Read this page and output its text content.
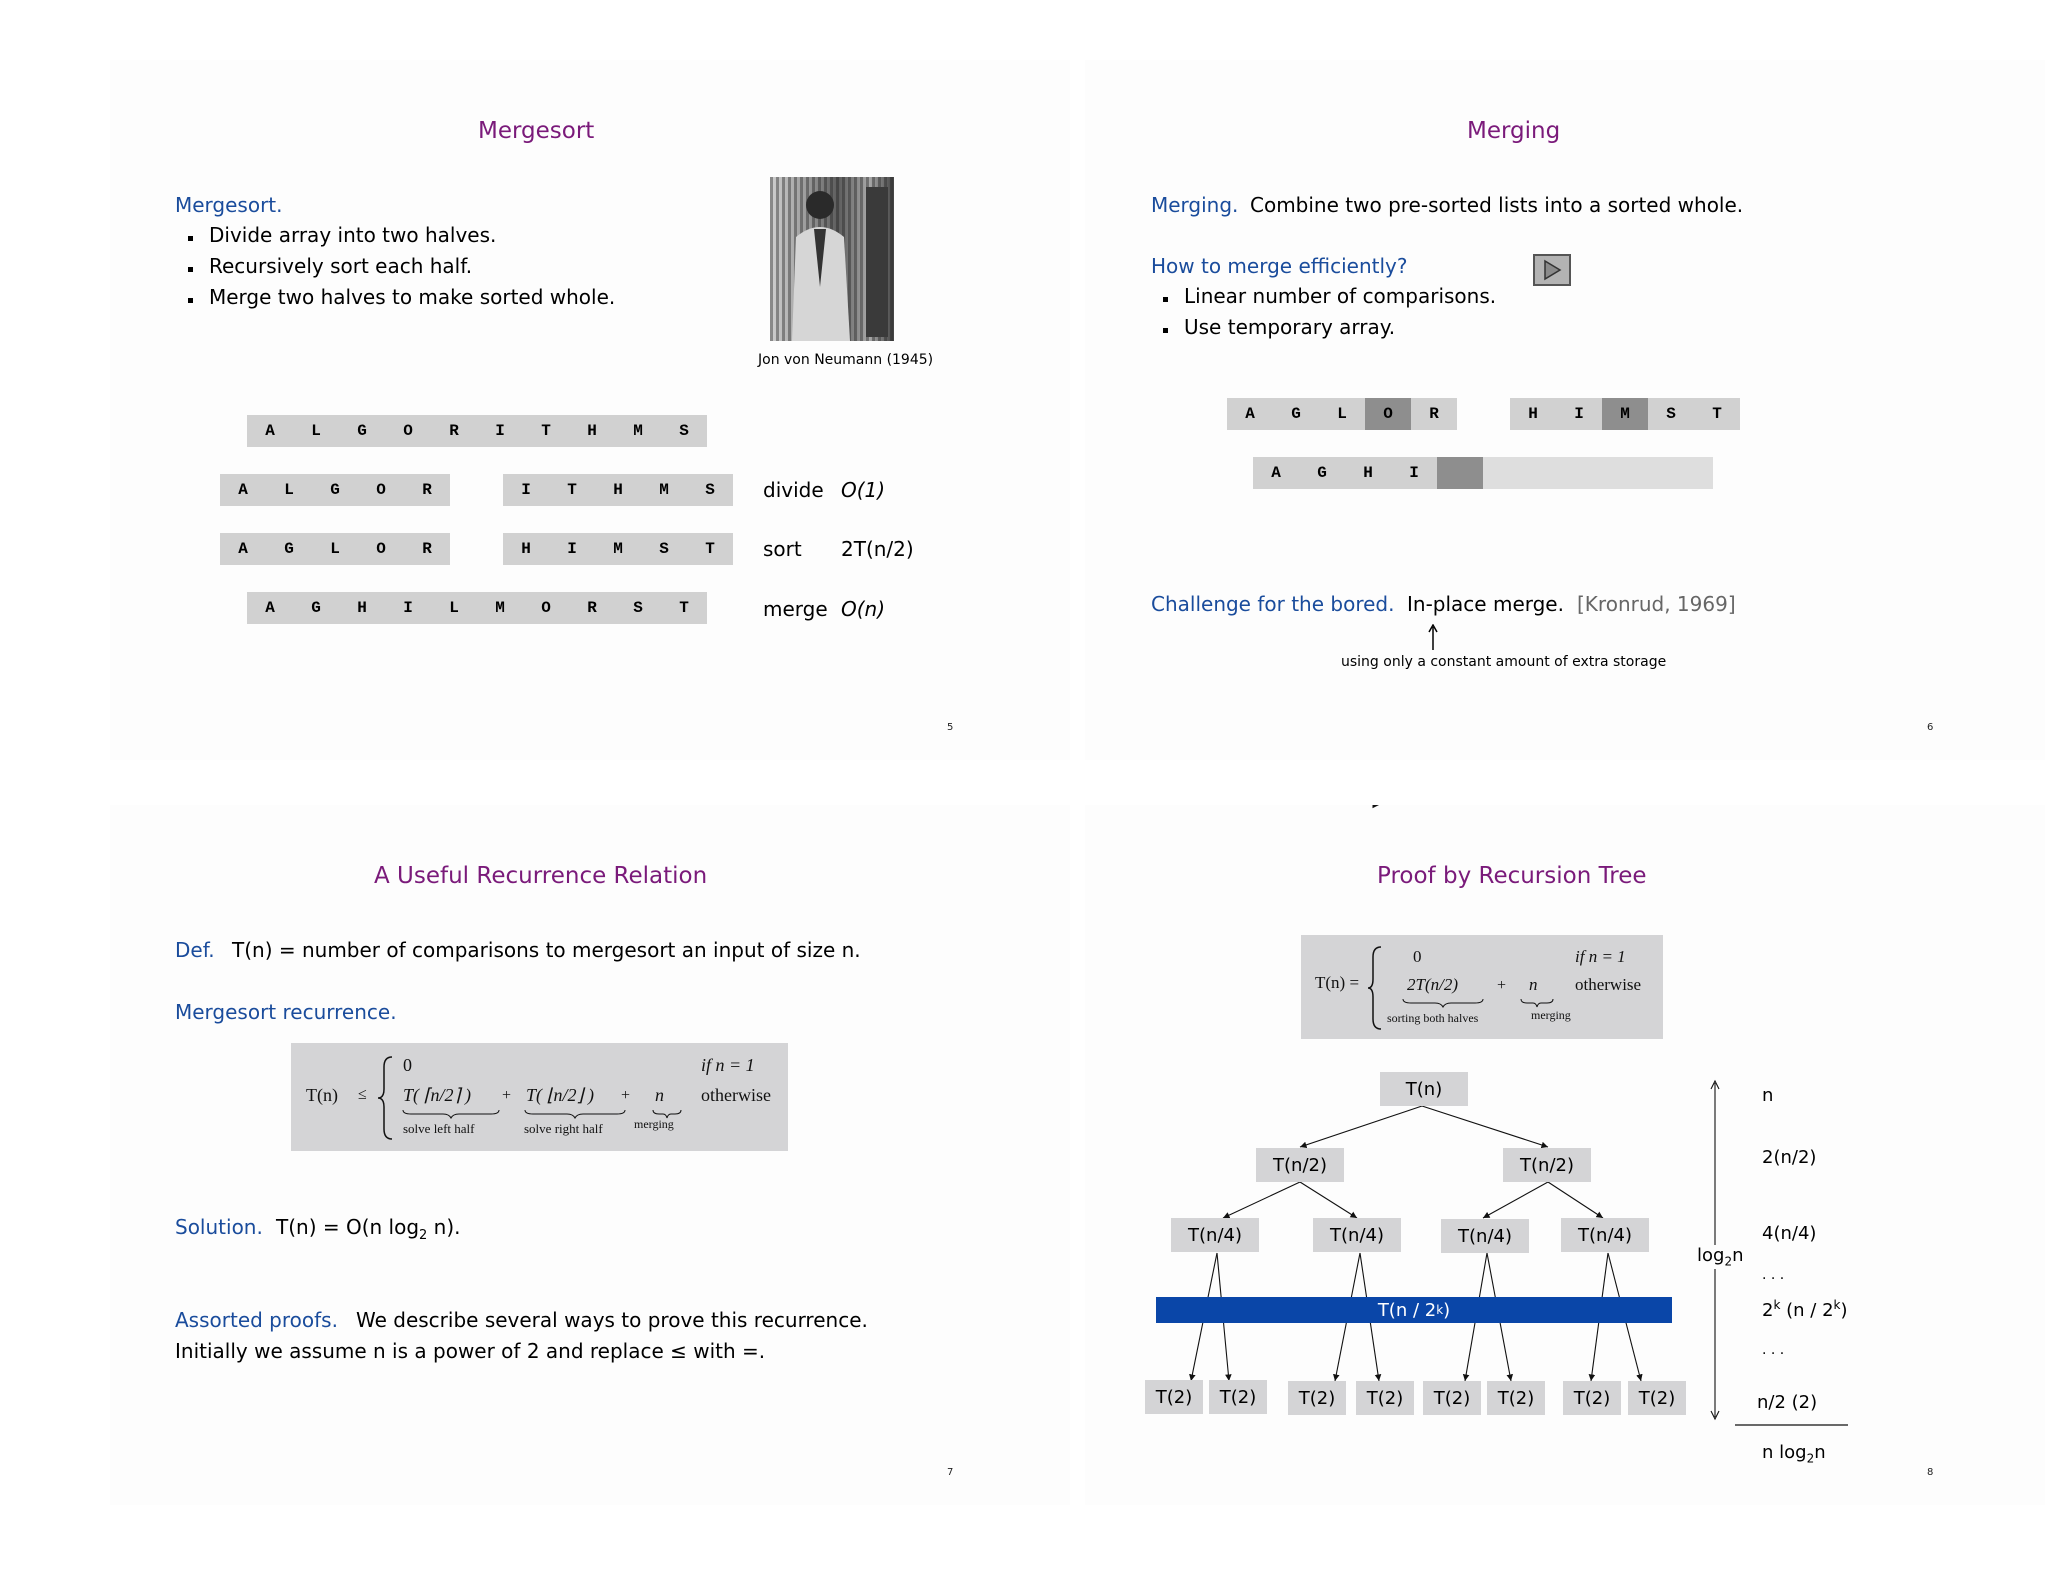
Mergesort
Mergesort.
Divide array into two halves.
Recursively sort each half.
Merge two halves to make sorted whole.
Jon von Neumann (1945)
A	L	G	O	R	I	T	H	M	S
A	L	G	O	R	I	T	H	M	S	divide O(1)
A	G	L	O	R	H	I	M	S	T	sort 2T(n/2)
A	G	H	I	L	M	O	R	S	T	merge O(n)
5
Merging
Merging. Combine two pre-sorted lists into a sorted whole.
How to merge efficiently?
Linear number of comparisons.
Use temporary array.
A	G	L	O	R	H	I	M	S	T
A	G	H	I
Challenge for the bored. In-place merge. [Kronrud, 1969]
using only a constant amount of extra storage
6
A Useful Recurrence Relation
Def. T(n) = number of comparisons to mergesort an input of size n.
Mergesort recurrence.
T(n) ≤
0	if n = 1
T( ⌈n/2⌉ ) + T( ⌊n/2⌋ ) + n otherwise
solve left half	solve right half	merging
Solution. T(n) = O(n $\log_2 n$).
Assorted proofs. We describe several ways to prove this recurrence.
Initially we assume n is a power of 2 and replace ≤ with =.
7
Proof by Recursion Tree
T(n) =
0	if n = 1
2T(n/2) + n otherwise
sorting both halves	merging
T(n)
T(n/2)	T(n/2)
T(n/4)	T(n/4)	T(n/4)	T(n/4)
T(n / 2 k )
T(2)	T(2)	T(2)	T(2)	T(2)	T(2)	T(2)	T(2)
$\log_2n$
n
2(n/2)
4(n/4)
. . .
2$^k$ (n / 2$^k$)
. . .
n/2 (2)
n $\log_2n$
8
